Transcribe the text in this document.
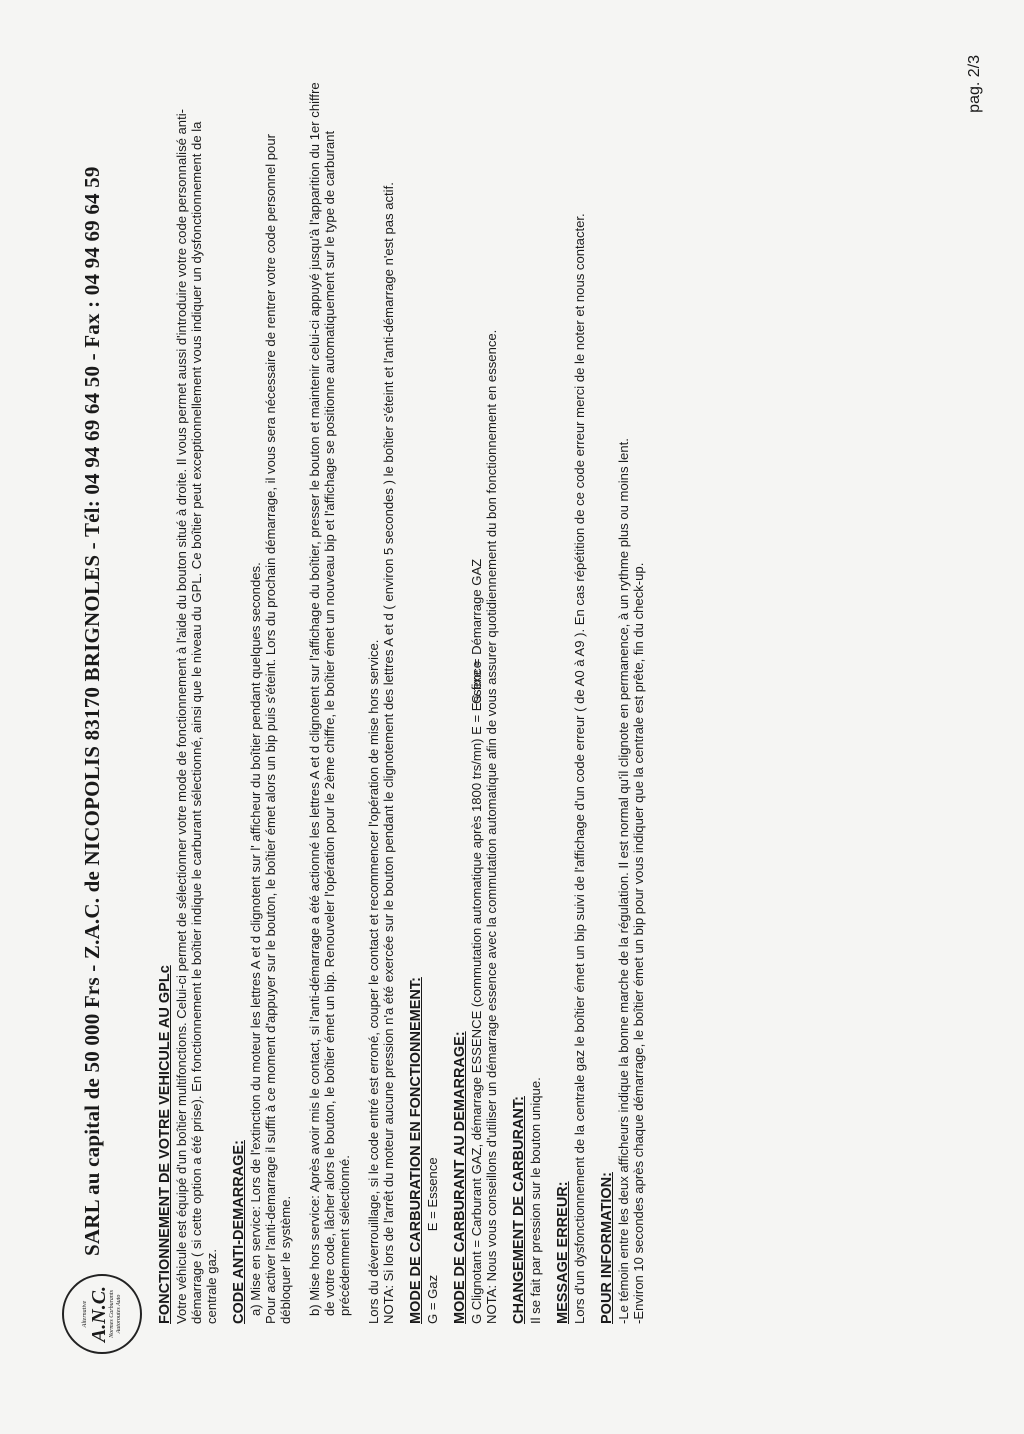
Alternative A.N.C. Normes Carburants Autoroutes Auto
SARL au capital de 50 000 Frs - Z.A.C. de NICOPOLIS 83170 BRIGNOLES - Tél: 04 94 69 64 50 - Fax : 04 94 69 64 59	FONCTIONNEMENT DE VOTRE VEHICULE AU GPLc Votre véhicule est équipé d'un boîtier multifonctions. Celui-ci permet de sélectionner votre mode de fonctionnement à l'aide du bouton situé à droite. Il vous permet aussi d'introduire votre code personnalisé anti-démarrage ( si cette option a été prise). En fonctionnement le boîtier indique le carburant sélectionné, ainsi que le niveau du GPL. Ce boîtier peut exceptionnellement vous indiquer un dysfonctionnement de la centrale gaz. CODE ANTI-DEMARRAGE: a) Mise en service: Lors de l'extinction du moteur les lettres A et d clignotent sur l' afficheur du boîtier pendant quelques secondes. Pour activer l'anti-demarrage il suffit à ce moment d'appuyer sur le bouton, le boîtier émet alors un bip puis s'éteint. Lors du prochain démarrage, il vous sera nécessaire de rentrer votre code personnel pour débloquer le système. b) Mise hors service: Après avoir mis le contact, si l'anti-démarrage a été actionné les lettres A et d clignotent sur l'affichage du boîtier, presser le bouton et maintenir celui-ci appuyé jusqu'à l'apparition du 1er chiffre de votre code, lâcher alors le bouton, le boîtier émet un bip. Renouveler l'opération pour le 2ème chiffre, le boîtier émet un nouveau bip et l'affichage se positionne automatiquement sur le type de carburant précédemment sélectionné. Lors du déverrouillage, si le code entré est erroné, couper le contact et recommencer l'opération de mise hors service. NOTA: Si lors de l'arrêt du moteur aucune pression n'a été exercée sur le bouton pendant le clignotement des lettres A et d ( environ 5 secondes ) le boîtier s'éteint et l'anti-démarrage n'est pas actif. MODE DE CARBURATION EN FONCTIONNEMENT: G = Gaz E = Essence MODE DE CARBURANT AU DEMARRAGE: G Clignotant = Carburant GAZ, démarrage ESSENCE (commutation automatique après 1800 trs/mn) E = Essence

G fixe = Démarrage GAZ NOTA: Nous vous conseillons d'utiliser un démarrage essence avec la commutation automatique afin de vous assurer quotidiennement du bon fonctionnement en essence. CHANGEMENT DE CARBURANT: Il se fait par pression sur le bouton unique. MESSAGE ERREUR: Lors d'un dysfonctionnement de la centrale gaz le boîtier émet un bip suivi de l'affichage d'un code erreur ( de A0 à A9 ). En cas répétition de ce code erreur merci de le noter et nous contacter. POUR INFORMATION: -Le témoin entre les deux afficheurs indique la bonne marche de la régulation. Il est normal qu'il clignote en permanence, à un rythme plus ou moins lent. -Environ 10 secondes après chaque démarrage, le boîtier émet un bip pour vous indiquer que la centrale est prête, fin du check-up.

pag. 2/3
